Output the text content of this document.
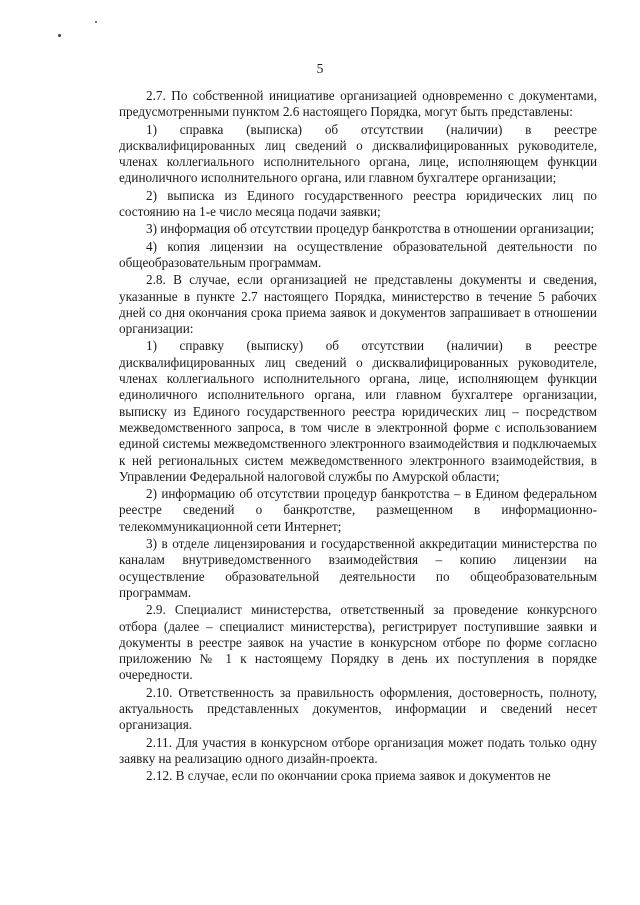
5

2.7. По собственной инициативе организацией одновременно с документами, предусмотренными пунктом 2.6 настоящего Порядка, могут быть представлены:

1) справка (выписка) об отсутствии (наличии) в реестре дисквалифицированных лиц сведений о дисквалифицированных руководителе, членах коллегиального исполнительного органа, лице, исполняющем функции единоличного исполнительного органа, или главном бухгалтере организации;

2) выписка из Единого государственного реестра юридических лиц по состоянию на 1-е число месяца подачи заявки;

3) информация об отсутствии процедур банкротства в отношении организации;

4) копия лицензии на осуществление образовательной деятельности по общеобразовательным программам.

2.8. В случае, если организацией не представлены документы и сведения, указанные в пункте 2.7 настоящего Порядка, министерство в течение 5 рабочих дней со дня окончания срока приема заявок и документов запрашивает в отношении организации:

1) справку (выписку) об отсутствии (наличии) в реестре дисквалифицированных лиц сведений о дисквалифицированных руководителе, членах коллегиального исполнительного органа, лице, исполняющем функции единоличного исполнительного органа, или главном бухгалтере организации, выписку из Единого государственного реестра юридических лиц – посредством межведомственного запроса, в том числе в электронной форме с использованием единой системы межведомственного электронного взаимодействия и подключаемых к ней региональных систем межведомственного электронного взаимодействия, в Управлении Федеральной налоговой службы по Амурской области;

2) информацию об отсутствии процедур банкротства – в Едином федеральном реестре сведений о банкротстве, размещенном в информационно-телекоммуникационной сети Интернет;

3) в отделе лицензирования и государственной аккредитации министерства по каналам внутриведомственного взаимодействия – копию лицензии на осуществление образовательной деятельности по общеобразовательным программам.

2.9. Специалист министерства, ответственный за проведение конкурсного отбора (далее – специалист министерства), регистрирует поступившие заявки и документы в реестре заявок на участие в конкурсном отборе по форме согласно приложению № 1 к настоящему Порядку в день их поступления в порядке очередности.

2.10. Ответственность за правильность оформления, достоверность, полноту, актуальность представленных документов, информации и сведений несет организация.

2.11. Для участия в конкурсном отборе организация может подать только одну заявку на реализацию одного дизайн-проекта.

2.12. В случае, если по окончании срока приема заявок и документов не
